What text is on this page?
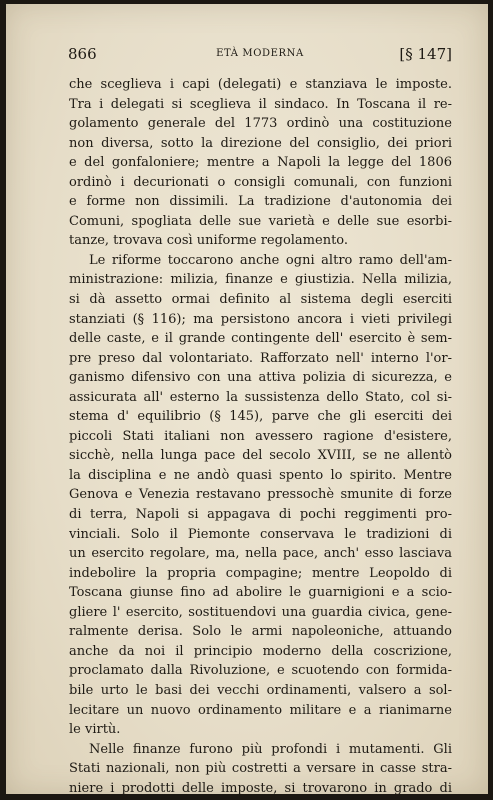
866	ETÀ MODERNA	[§ 147]
che sceglieva i capi (delegati) e stanziava le imposte.
Tra i delegati si sceglieva il sindaco. In Toscana il re-
golamento generale del 1773 ordinò una costituzione
non diversa, sotto la direzione del consiglio, dei priori
e del gonfaloniere; mentre a Napoli la legge del 1806
ordinò i decurionati o consigli comunali, con funzioni
e forme non dissimili. La tradizione d'autonomia dei
Comuni, spogliata delle sue varietà e delle sue esorbi-
tanze, trovava così uniforme regolamento.
Le riforme toccarono anche ogni altro ramo dell'am-
ministrazione: milizia, finanze e giustizia. Nella milizia,
si dà assetto ormai definito al sistema degli eserciti
stanziati (§ 116); ma persistono ancora i vieti privilegi
delle caste, e il grande contingente dell' esercito è sem-
pre preso dal volontariato. Rafforzato nell' interno l'or-
ganismo difensivo con una attiva polizia di sicurezza, e
assicurata all' esterno la sussistenza dello Stato, col si-
stema d' equilibrio (§ 145), parve che gli eserciti dei
piccoli Stati italiani non avessero ragione d'esistere,
sicchè, nella lunga pace del secolo XVIII, se ne allentò
la disciplina e ne andò quasi spento lo spirito. Mentre
Genova e Venezia restavano pressochè smunite di forze
di terra, Napoli si appagava di pochi reggimenti pro-
vinciali. Solo il Piemonte conservava le tradizioni di
un esercito regolare, ma, nella pace, anch' esso lasciava
indebolire la propria compagine; mentre Leopoldo di
Toscana giunse fino ad abolire le guarnigioni e a scio-
gliere l' esercito, sostituendovi una guardia civica, gene-
ralmente derisa. Solo le armi napoleoniche, attuando
anche da noi il principio moderno della coscrizione,
proclamato dalla Rivoluzione, e scuotendo con formida-
bile urto le basi dei vecchi ordinamenti, valsero a sol-
lecitare un nuovo ordinamento militare e a rianimarne
le virtù.
Nelle finanze furono più profondi i mutamenti. Gli
Stati nazionali, non più costretti a versare in casse stra-
niere i prodotti delle imposte, si trovarono in grado di
